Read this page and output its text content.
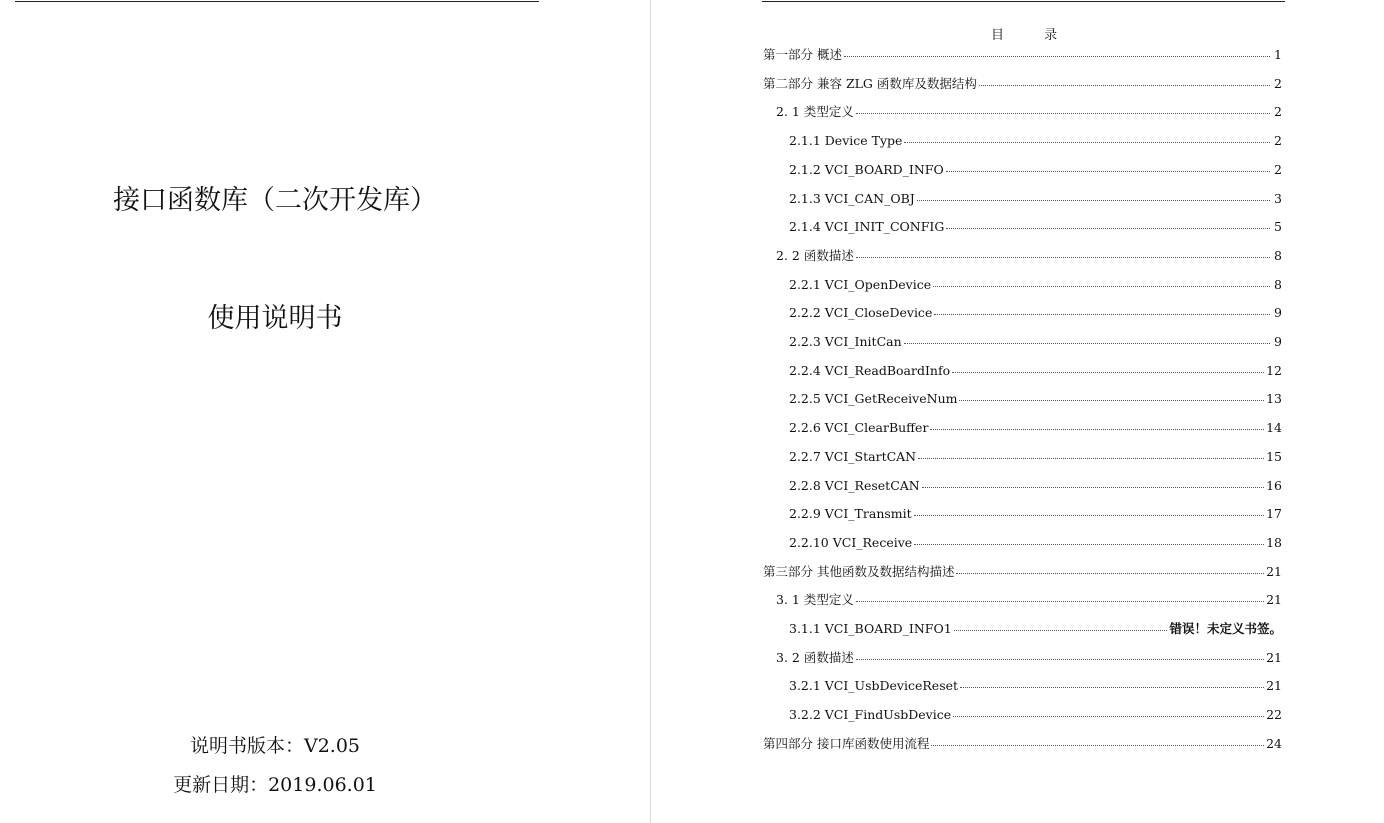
接口函数库（二次开发库）
使用说明书
说明书版本：V2.05
更新日期：2019.06.01
目 录
第一部分 概述	1
第二部分 兼容 ZLG 函数库及数据结构	2
2. 1 类型定义	2
2.1.1 Device Type	2
2.1.2 VCI_BOARD_INFO	2
2.1.3 VCI_CAN_OBJ	3
2.1.4 VCI_INIT_CONFIG	5
2. 2 函数描述	8
2.2.1 VCI_OpenDevice	8
2.2.2 VCI_CloseDevice	9
2.2.3 VCI_InitCan	9
2.2.4 VCI_ReadBoardInfo	12
2.2.5 VCI_GetReceiveNum	13
2.2.6 VCI_ClearBuffer	14
2.2.7 VCI_StartCAN	15
2.2.8 VCI_ResetCAN	16
2.2.9 VCI_Transmit	17
2.2.10 VCI_Receive	18
第三部分 其他函数及数据结构描述	21
3. 1 类型定义	21
3.1.1 VCI_BOARD_INFO1	错误！未定义书签。
3. 2 函数描述	21
3.2.1 VCI_UsbDeviceReset	21
3.2.2 VCI_FindUsbDevice	22
第四部分 接口库函数使用流程	24
